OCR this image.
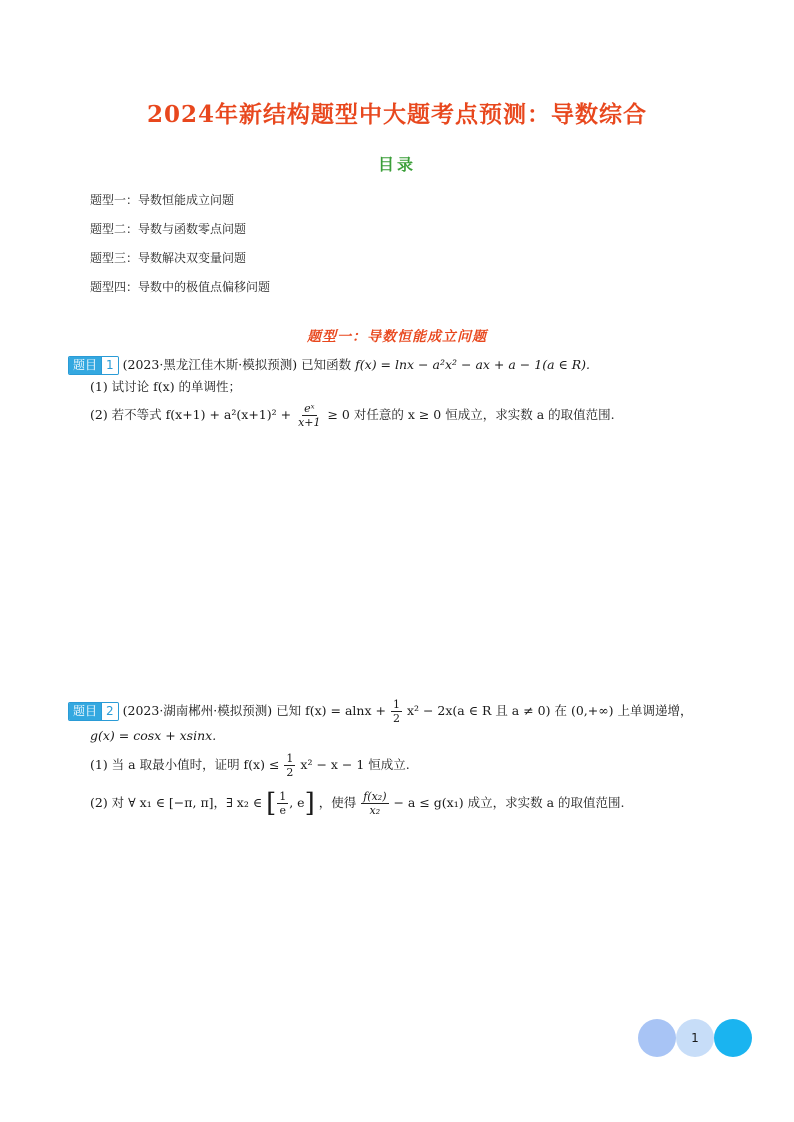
2024年新结构题型中大题考点预测：导数综合
目录
题型一：导数恒能成立问题
题型二：导数与函数零点问题
题型三：导数解决双变量问题
题型四：导数中的极值点偏移问题
题型一：导数恒能成立问题
题目 1 (2023·黑龙江佳木斯·模拟预测) 已知函数 f(x) = lnx − a²x² − ax + a − 1(a ∈ R).
(1) 试讨论 f(x) 的单调性；
(2) 若不等式 $f(x+1) + a^2(x+1)^2 + \frac{\text{eˣ}}{x+1} \ge 0$ 对任意的 x ≥ 0 恒成立，求实数 a 的取值范围.
题目 2 (2023·湖南郴州·模拟预测) 已知 $f(x) = alnx + \frac{1}{2} x^2 - 2x(a$ ∈ R 且 a ≠ 0) 在 (0,+∞) 上单调递增，
g(x) = cosx + xsinx.
(1) 当 a 取最小值时，证明 $f(x) \le \frac{1}{2} x^2 - x - 1$ 恒成立.
(2) 对 ∀ x₁ ∈ [−π, π]，∃ x₂ ∈ [ $\frac{1}{e}$ , e] ，使得 $\frac{\text{f(x₂)}}{\text{x₂}} - a \le g(x_1)$ 成立，求实数 a 的取值范围.
1
